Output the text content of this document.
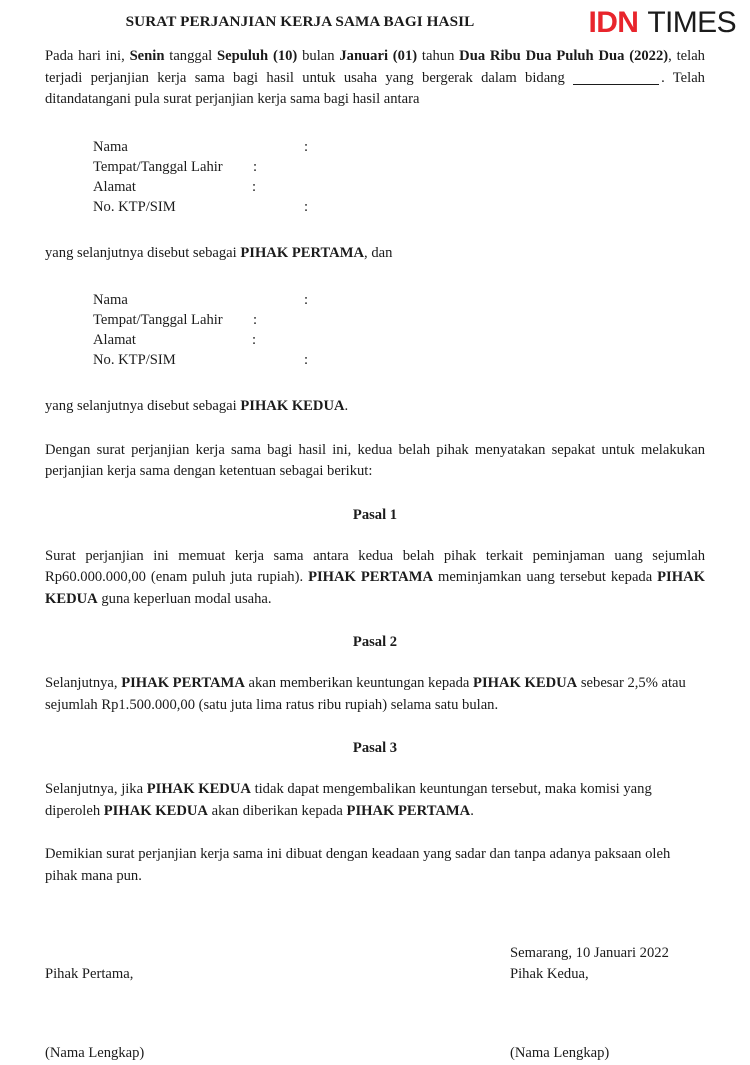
SURAT PERJANJIAN KERJA SAMA BAGI HASIL	IDN TIMES

Pada hari ini, Senin tanggal Sepuluh (10) bulan Januari (01) tahun Dua Ribu Dua Puluh Dua (2022), telah terjadi perjanjian kerja sama bagi hasil untuk usaha yang bergerak dalam bidang	. Telah ditandatangani pula surat perjanjian kerja sama bagi hasil antara

Nama	:
Tempat/Tanggal Lahir :
Alamat	:
No. KTP/SIM	:

yang selanjutnya disebut sebagai PIHAK PERTAMA, dan

Nama	:
Tempat/Tanggal Lahir :
Alamat	:
No. KTP/SIM	:

yang selanjutnya disebut sebagai PIHAK KEDUA.

Dengan surat perjanjian kerja sama bagi hasil ini, kedua belah pihak menyatakan sepakat untuk melakukan perjanjian kerja sama dengan ketentuan sebagai berikut:

Pasal 1

Surat perjanjian ini memuat kerja sama antara kedua belah pihak terkait peminjaman uang sejumlah Rp60.000.000,00 (enam puluh juta rupiah). PIHAK PERTAMA meminjamkan uang tersebut kepada PIHAK KEDUA guna keperluan modal usaha.

Pasal 2

Selanjutnya, PIHAK PERTAMA akan memberikan keuntungan kepada PIHAK KEDUA sebesar 2,5% atau sejumlah Rp1.500.000,00 (satu juta lima ratus ribu rupiah) selama satu bulan.

Pasal 3

Selanjutnya, jika PIHAK KEDUA tidak dapat mengembalikan keuntungan tersebut, maka komisi yang diperoleh PIHAK KEDUA akan diberikan kepada PIHAK PERTAMA.

Demikian surat perjanjian kerja sama ini dibuat dengan keadaan yang sadar dan tanpa adanya paksaan oleh pihak mana pun.

Pihak Pertama,
Semarang, 10 Januari 2022
Pihak Kedua,
(Nama Lengkap)	(Nama Lengkap)
